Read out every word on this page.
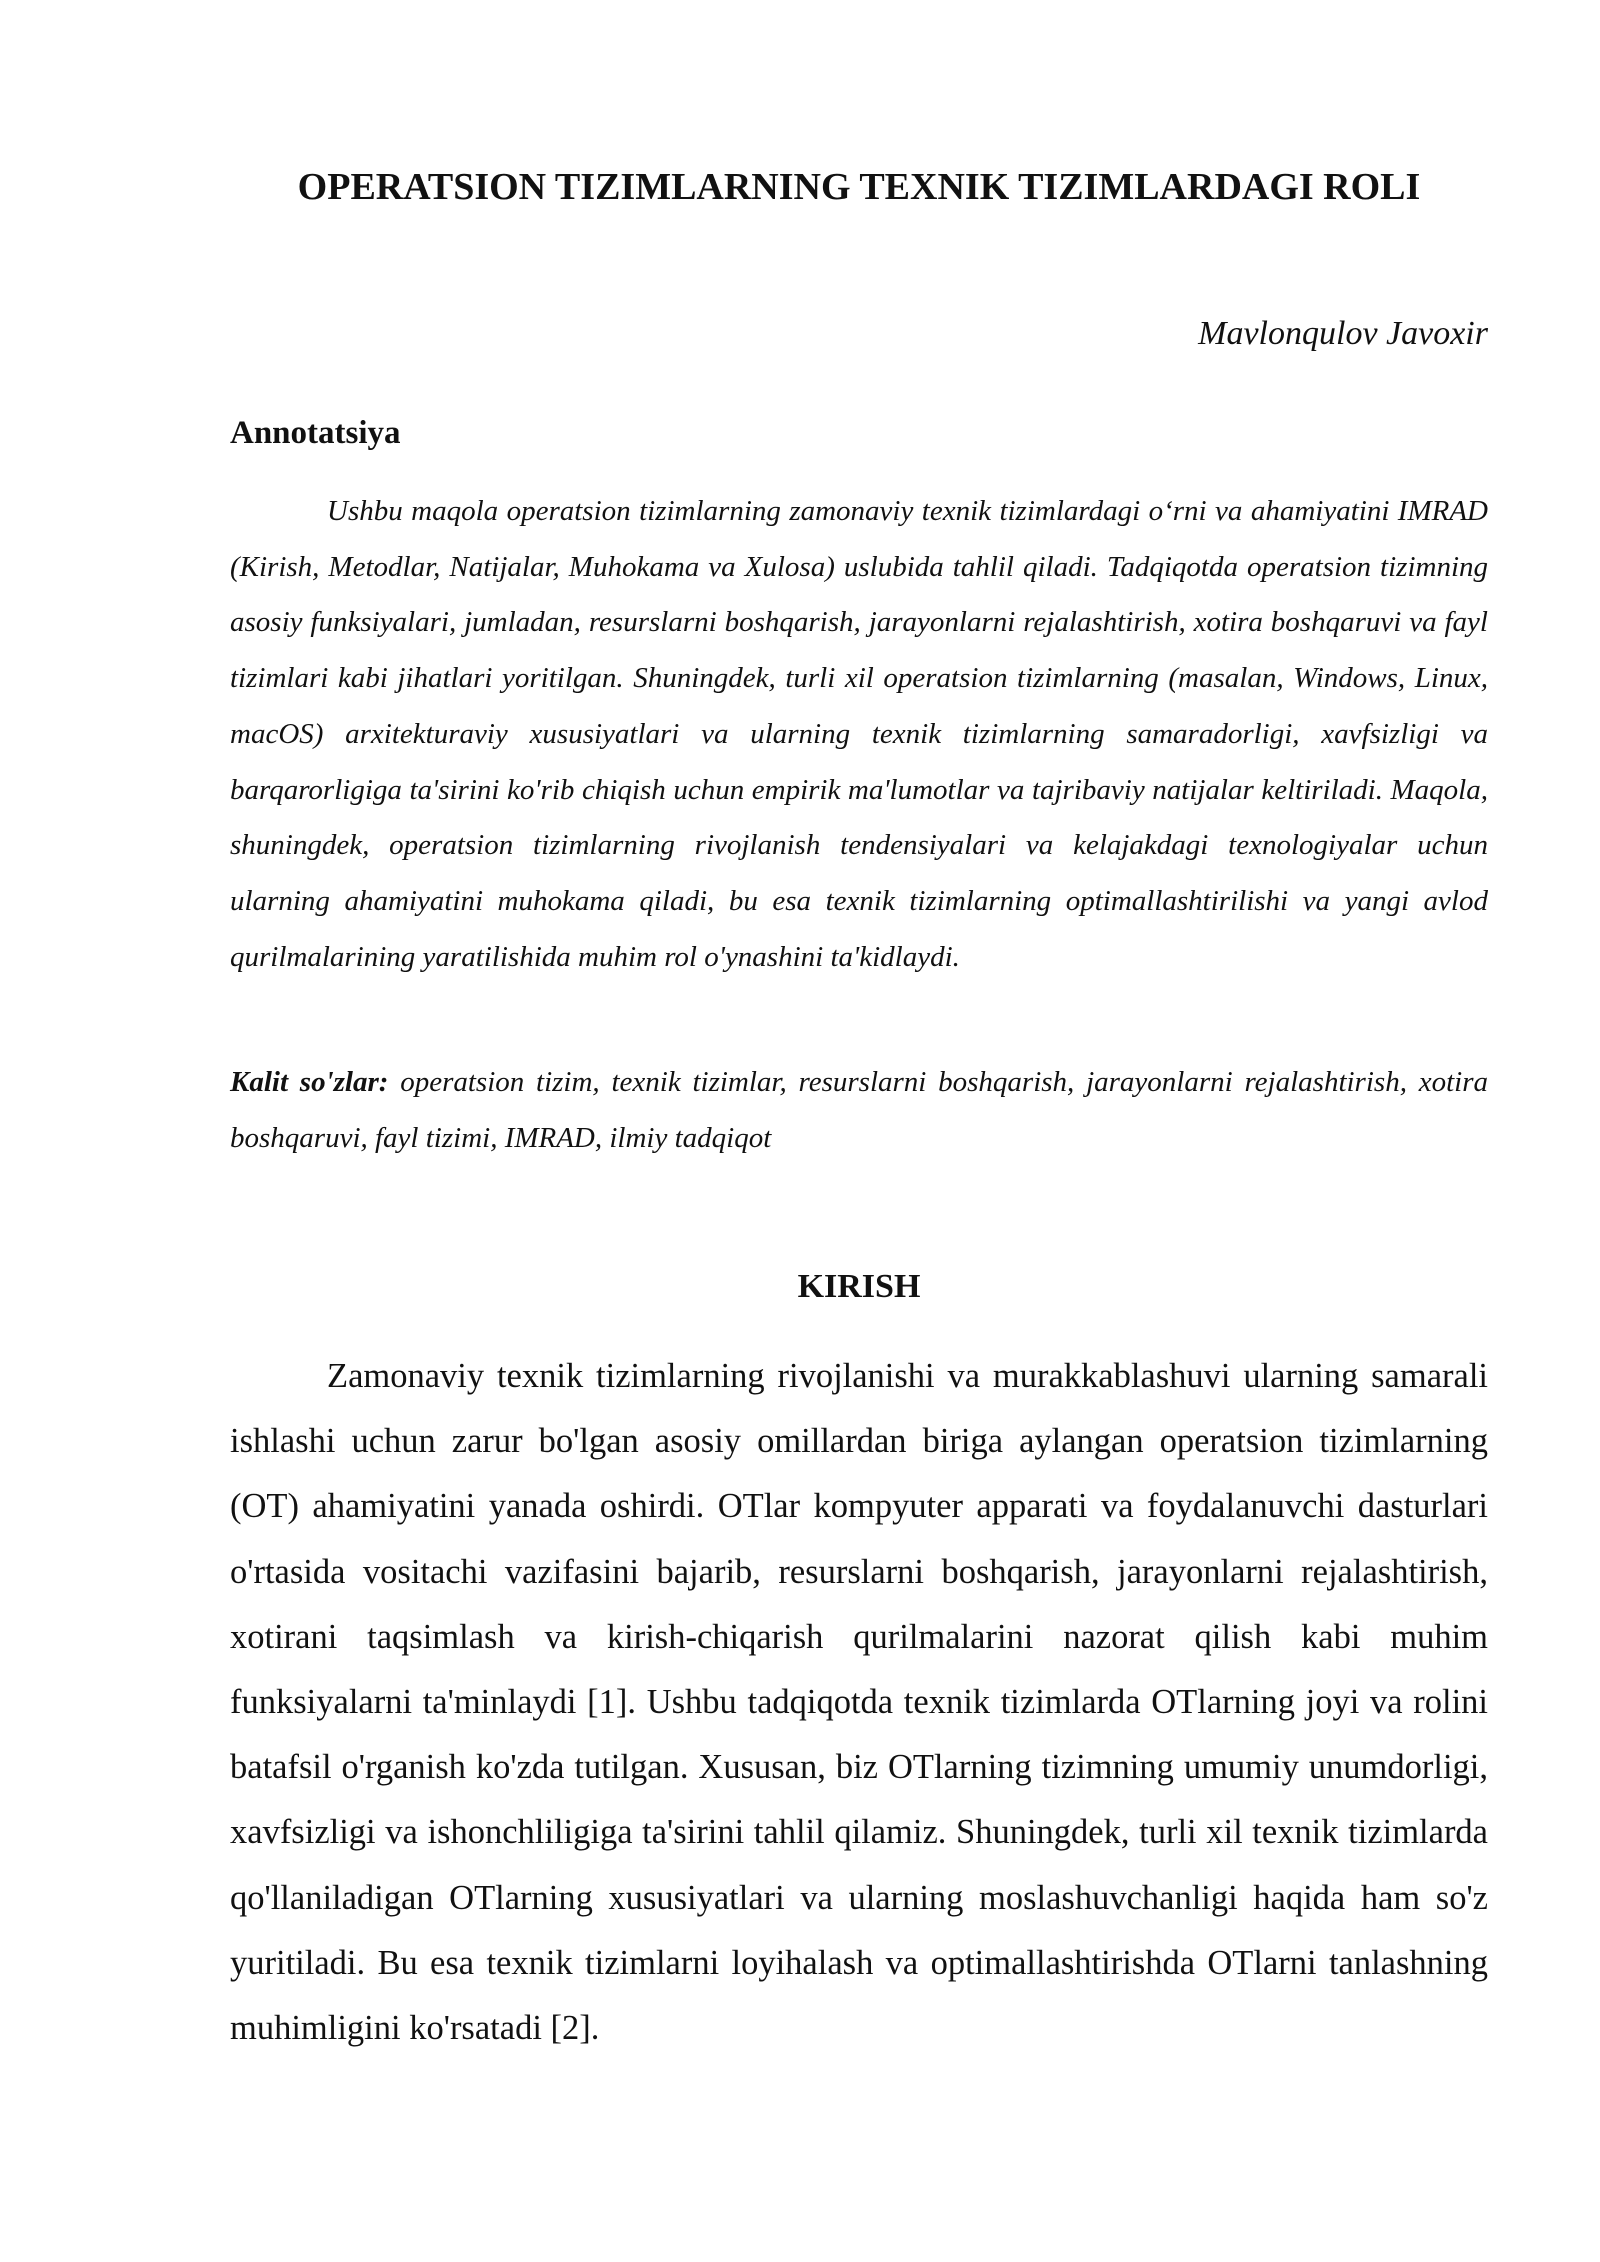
OPERATSION TIZIMLARNING TEXNIK TIZIMLARDAGI ROLI

Mavlonqulov Javoxir

Annotatsiya

Ushbu maqola operatsion tizimlarning zamonaviy texnik tizimlardagi o‘rni va ahamiyatini IMRAD (Kirish, Metodlar, Natijalar, Muhokama va Xulosa) uslubida tahlil qiladi. Tadqiqotda operatsion tizimning asosiy funksiyalari, jumladan, resurslarni boshqarish, jarayonlarni rejalashtirish, xotira boshqaruvi va fayl tizimlari kabi jihatlari yoritilgan. Shuningdek, turli xil operatsion tizimlarning (masalan, Windows, Linux, macOS) arxitekturaviy xususiyatlari va ularning texnik tizimlarning samaradorligi, xavfsizligi va barqarorligiga ta'sirini ko'rib chiqish uchun empirik ma'lumotlar va tajribaviy natijalar keltiriladi. Maqola, shuningdek, operatsion tizimlarning rivojlanish tendensiyalari va kelajakdagi texnologiyalar uchun ularning ahamiyatini muhokama qiladi, bu esa texnik tizimlarning optimallashtirilishi va yangi avlod qurilmalarining yaratilishida muhim rol o'ynashini ta'kidlaydi.

Kalit so'zlar: operatsion tizim, texnik tizimlar, resurslarni boshqarish, jarayonlarni rejalashtirish, xotira boshqaruvi, fayl tizimi, IMRAD, ilmiy tadqiqot

KIRISH

Zamonaviy texnik tizimlarning rivojlanishi va murakkablashuvi ularning samarali ishlashi uchun zarur bo'lgan asosiy omillardan biriga aylangan operatsion tizimlarning (OT) ahamiyatini yanada oshirdi. OTlar kompyuter apparati va foydalanuvchi dasturlari o'rtasida vositachi vazifasini bajarib, resurslarni boshqarish, jarayonlarni rejalashtirish, xotirani taqsimlash va kirish-chiqarish qurilmalarini nazorat qilish kabi muhim funksiyalarni ta'minlaydi [1]. Ushbu tadqiqotda texnik tizimlarda OTlarning joyi va rolini batafsil o'rganish ko'zda tutilgan. Xususan, biz OTlarning tizimning umumiy unumdorligi, xavfsizligi va ishonchliligiga ta'sirini tahlil qilamiz. Shuningdek, turli xil texnik tizimlarda qo'llaniladigan OTlarning xususiyatlari va ularning moslashuvchanligi haqida ham so'z yuritiladi. Bu esa texnik tizimlarni loyihalash va optimallashtirishda OTlarni tanlashning muhimligini ko'rsatadi [2].
